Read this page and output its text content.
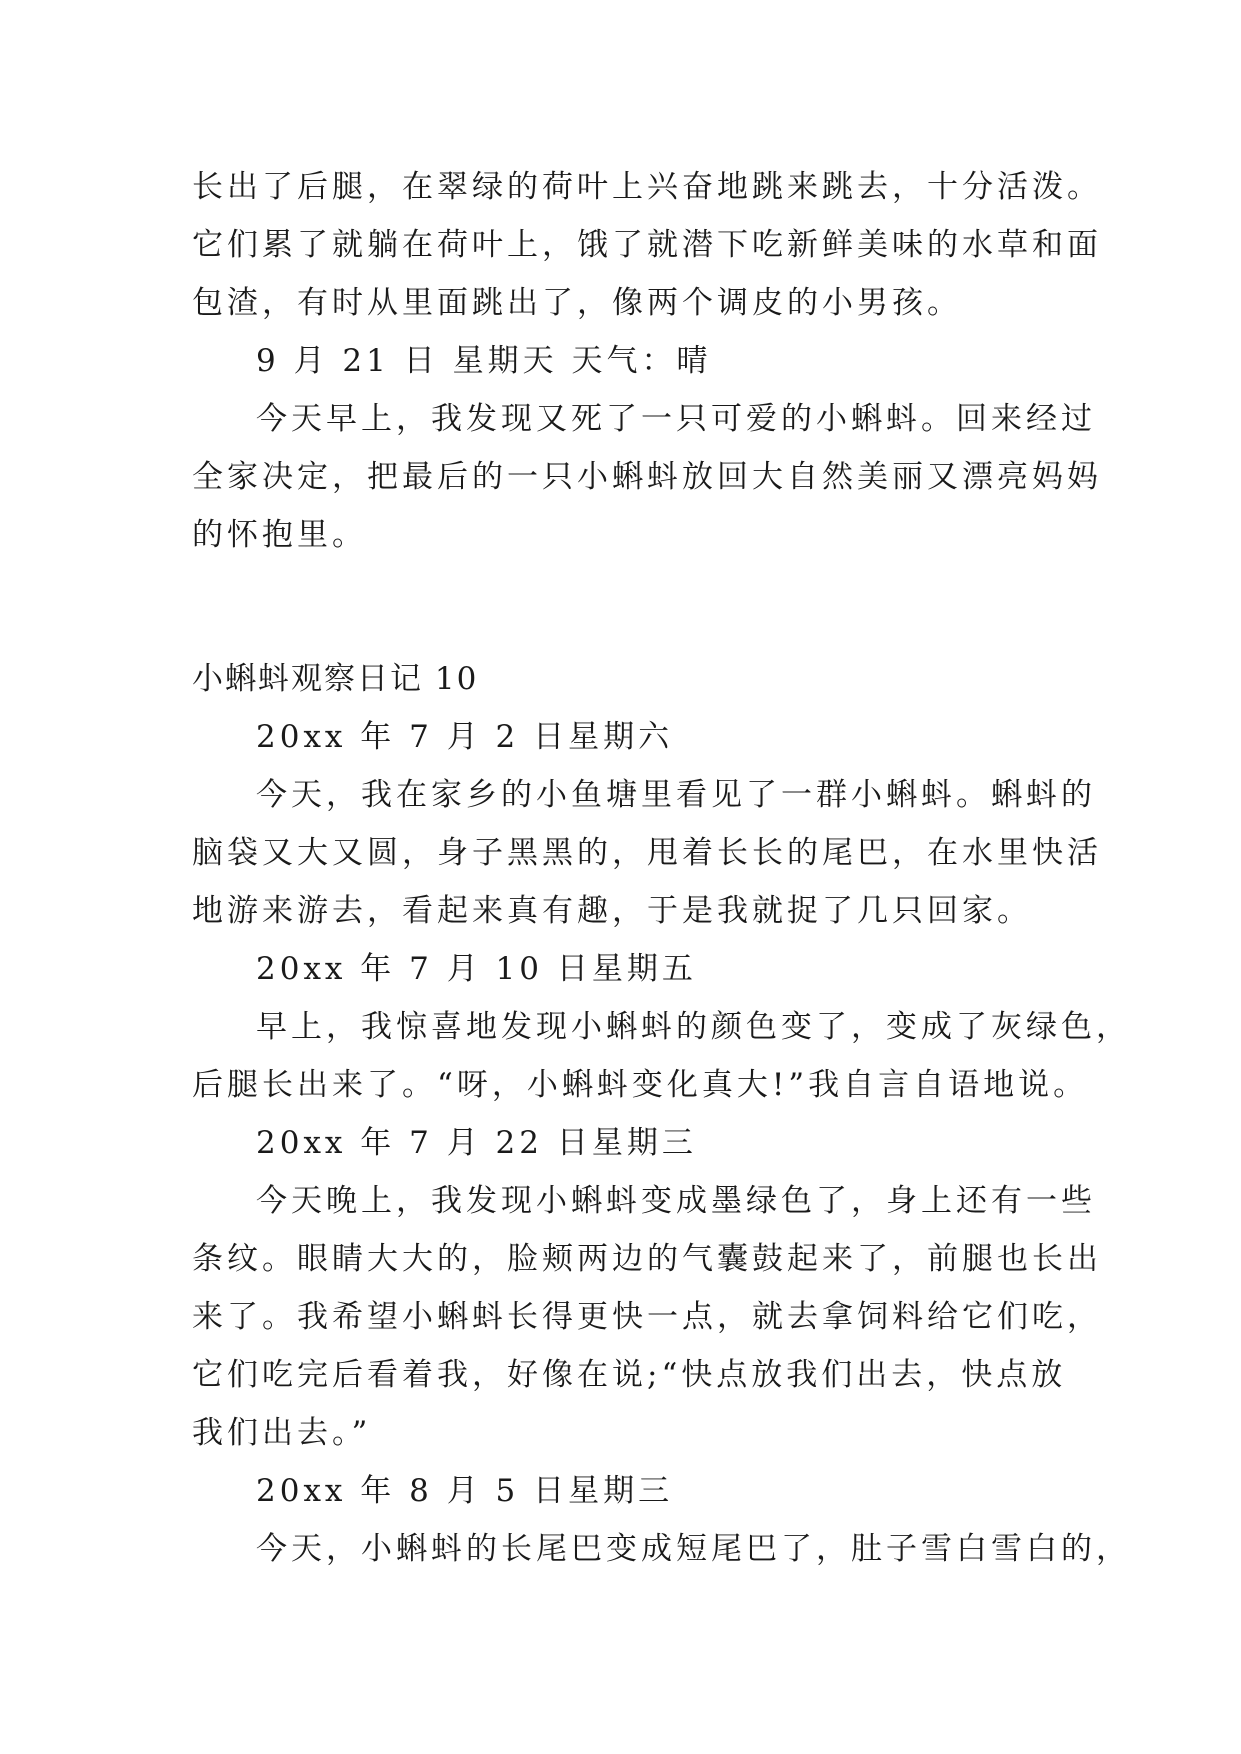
长出了后腿，在翠绿的荷叶上兴奋地跳来跳去，十分活泼。
它们累了就躺在荷叶上，饿了就潜下吃新鲜美味的水草和面
包渣，有时从里面跳出了，像两个调皮的小男孩。
9 月 21 日 星期天 天气：晴
今天早上，我发现又死了一只可爱的小蝌蚪。回来经过
全家决定，把最后的一只小蝌蚪放回大自然美丽又漂亮妈妈
的怀抱里。
小蝌蚪观察日记 10
20xx 年 7 月 2 日星期六
今天，我在家乡的小鱼塘里看见了一群小蝌蚪。蝌蚪的
脑袋又大又圆，身子黑黑的，甩着长长的尾巴，在水里快活
地游来游去，看起来真有趣，于是我就捉了几只回家。
20xx 年 7 月 10 日星期五
早上，我惊喜地发现小蝌蚪的颜色变了，变成了灰绿色，
后腿长出来了。“呀，小蝌蚪变化真大!”我自言自语地说。
20xx 年 7 月 22 日星期三
今天晚上，我发现小蝌蚪变成墨绿色了，身上还有一些
条纹。眼睛大大的，脸颊两边的气囊鼓起来了，前腿也长出
来了。我希望小蝌蚪长得更快一点，就去拿饲料给它们吃，
它们吃完后看着我，好像在说;“快点放我们出去，快点放
我们出去。”
20xx 年 8 月 5 日星期三
今天，小蝌蚪的长尾巴变成短尾巴了，肚子雪白雪白的，
